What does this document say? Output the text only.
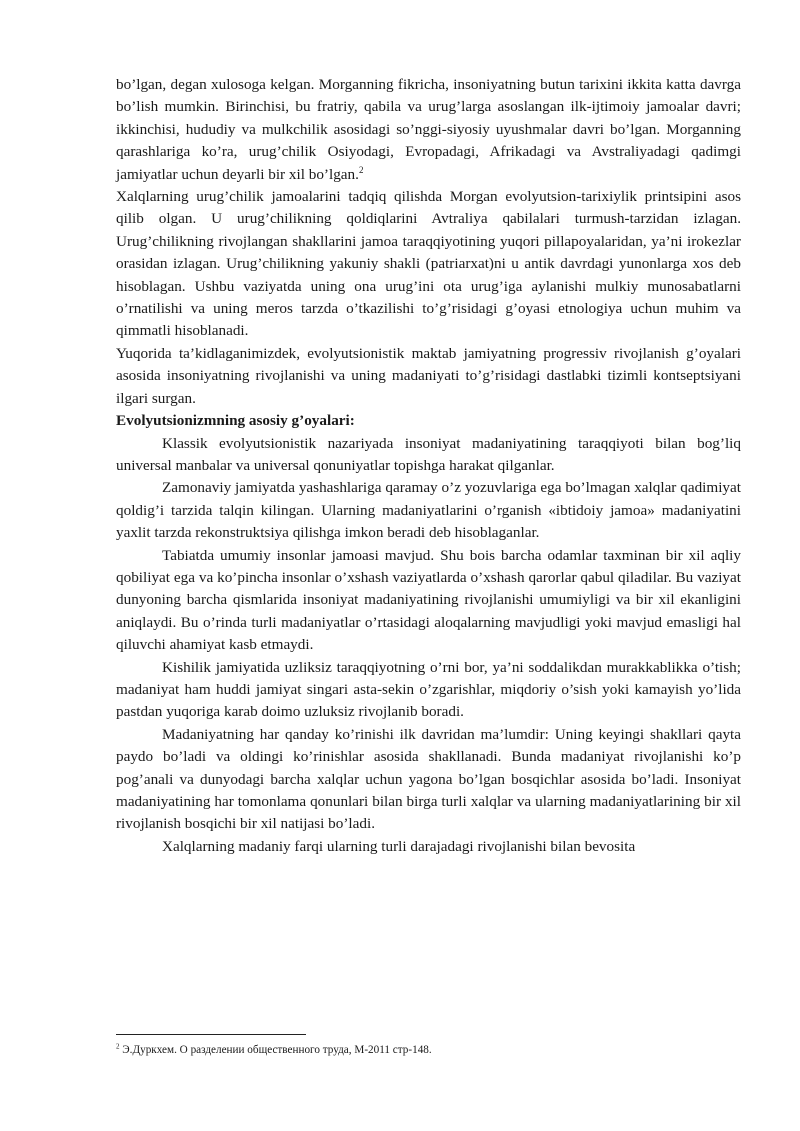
bo’lgan, degan xulosoga kelgan. Morganning fikricha, insoniyatning butun tarixini ikkita katta davrga bo’lish mumkin. Birinchisi, bu fratriy, qabila va urug’larga asoslangan ilk-ijtimoiy jamoalar davri; ikkinchisi, hududiy va mulkchilik asosidagi so’nggi-siyosiy uyushmalar davri bo’lgan. Morganning qarashlariga ko’ra, urug’chilik Osiyodagi, Evropadagi, Afrikadagi va Avstraliyadagi qadimgi jamiyatlar uchun deyarli bir xil bo’lgan.$^2$

Xalqlarning urug’chilik jamoalarini tadqiq qilishda Morgan evolyutsion-tarixiylik printsipini asos qilib olgan. U urug’chilikning qoldiqlarini Avtraliya qabilalari turmush-tarzidan izlagan. Urug’chilikning rivojlangan shakllarini jamoa taraqqiyotining yuqori pillapoyalaridan, ya’ni irokezlar orasidan izlagan. Urug’chilikning yakuniy shakli (patriarxat)ni u antik davrdagi yunonlarga xos deb hisoblagan. Ushbu vaziyatda uning ona urug’ini ota urug’iga aylanishi mulkiy munosabatlarni o’rnatilishi va uning meros tarzda o’tkazilishi to’g’risidagi g’oyasi etnologiya uchun muhim va qimmatli hisoblanadi.

Yuqorida ta’kidlaganimizdek, evolyutsionistik maktab jamiyatning progressiv rivojlanish g’oyalari asosida insoniyatning rivojlanishi va uning madaniyati to’g’risidagi dastlabki tizimli kontseptsiyani ilgari surgan.

Evolyutsionizmning asosiy g’oyalari:

Klassik evolyutsionistik nazariyada insoniyat madaniyatining taraqqiyoti bilan bog’liq universal manbalar va universal qonuniyatlar topishga harakat qilganlar.

Zamonaviy jamiyatda yashashlariga qaramay o’z yozuvlariga ega bo’lmagan xalqlar qadimiyat qoldig’i tarzida talqin kilingan. Ularning madaniyatlarini o’rganish «ibtidoiy jamoa» madaniyatini yaxlit tarzda rekonstruktsiya qilishga imkon beradi deb hisoblaganlar.

Tabiatda umumiy insonlar jamoasi mavjud. Shu bois barcha odamlar taxminan bir xil aqliy qobiliyat ega va ko’pincha insonlar o’xshash vaziyatlarda o’xshash qarorlar qabul qiladilar. Bu vaziyat dunyoning barcha qismlarida insoniyat madaniyatining rivojlanishi umumiyligi va bir xil ekanligini aniqlaydi. Bu o’rinda turli madaniyatlar o’rtasidagi aloqalarning mavjudligi yoki mavjud emasligi hal qiluvchi ahamiyat kasb etmaydi.

Kishilik jamiyatida uzliksiz taraqqiyotning o’rni bor, ya’ni soddalikdan murakkablikka o’tish; madaniyat ham huddi jamiyat singari asta-sekin o’zgarishlar, miqdoriy o’sish yoki kamayish yo’lida pastdan yuqoriga karab doimo uzluksiz rivojlanib boradi.

Madaniyatning har qanday ko’rinishi ilk davridan ma’lumdir: Uning keyingi shakllari qayta paydo bo’ladi va oldingi ko’rinishlar asosida shakllanadi. Bunda madaniyat rivojlanishi ko’p pog’anali va dunyodagi barcha xalqlar uchun yagona bo’lgan bosqichlar asosida bo’ladi. Insoniyat madaniyatining har tomonlama qonunlari bilan birga turli xalqlar va ularning madaniyatlarining bir xil rivojlanish bosqichi bir xil natijasi bo’ladi.

Xalqlarning madaniy farqi ularning turli darajadagi rivojlanishi bilan bevosita

$^2$ Э.Дуркхем. О разделении общественного труда, М-2011 стр-148.
